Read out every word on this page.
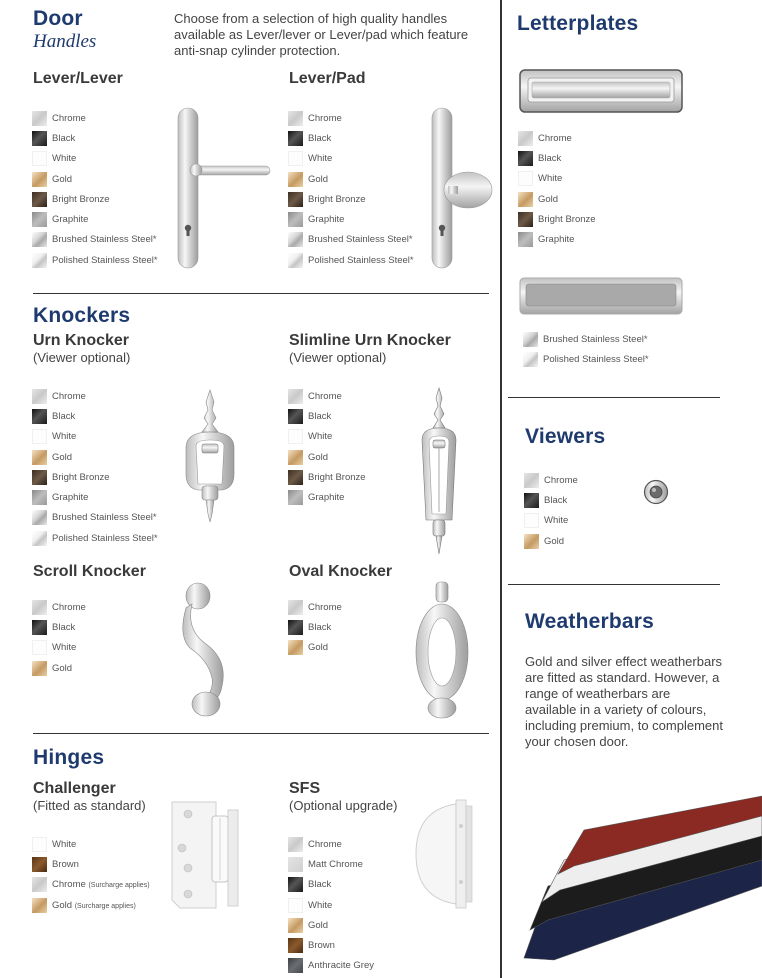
Door
Handles
Choose from a selection of high quality handles available as Lever/lever or Lever/pad which feature anti-snap cylinder protection.
Lever/Lever
Chrome
Black
White
Gold
Bright Bronze
Graphite
Brushed Stainless Steel*
Polished Stainless Steel*
Lever/Pad
Chrome
Black
White
Gold
Bright Bronze
Graphite
Brushed Stainless Steel*
Polished Stainless Steel*
Knockers
Urn Knocker
(Viewer optional)
Chrome
Black
White
Gold
Bright Bronze
Graphite
Brushed Stainless Steel*
Polished Stainless Steel*
Slimline Urn Knocker
(Viewer optional)
Chrome
Black
White
Gold
Bright Bronze
Graphite
Scroll Knocker
Chrome
Black
White
Gold
Oval Knocker
Chrome
Black
Gold
Hinges
Challenger
(Fitted as standard)
White
Brown
Chrome (Surcharge applies)
Gold (Surcharge applies)
SFS
(Optional upgrade)
Chrome
Matt Chrome
Black
White
Gold
Brown
Anthracite Grey
Letterplates
Chrome
Black
White
Gold
Bright Bronze
Graphite
Brushed Stainless Steel*
Polished Stainless Steel*
Viewers
Chrome
Black
White
Gold
Weatherbars
Gold and silver effect weatherbars are fitted as standard. However, a range of weatherbars are available in a variety of colours, including premium, to complement your chosen door.
